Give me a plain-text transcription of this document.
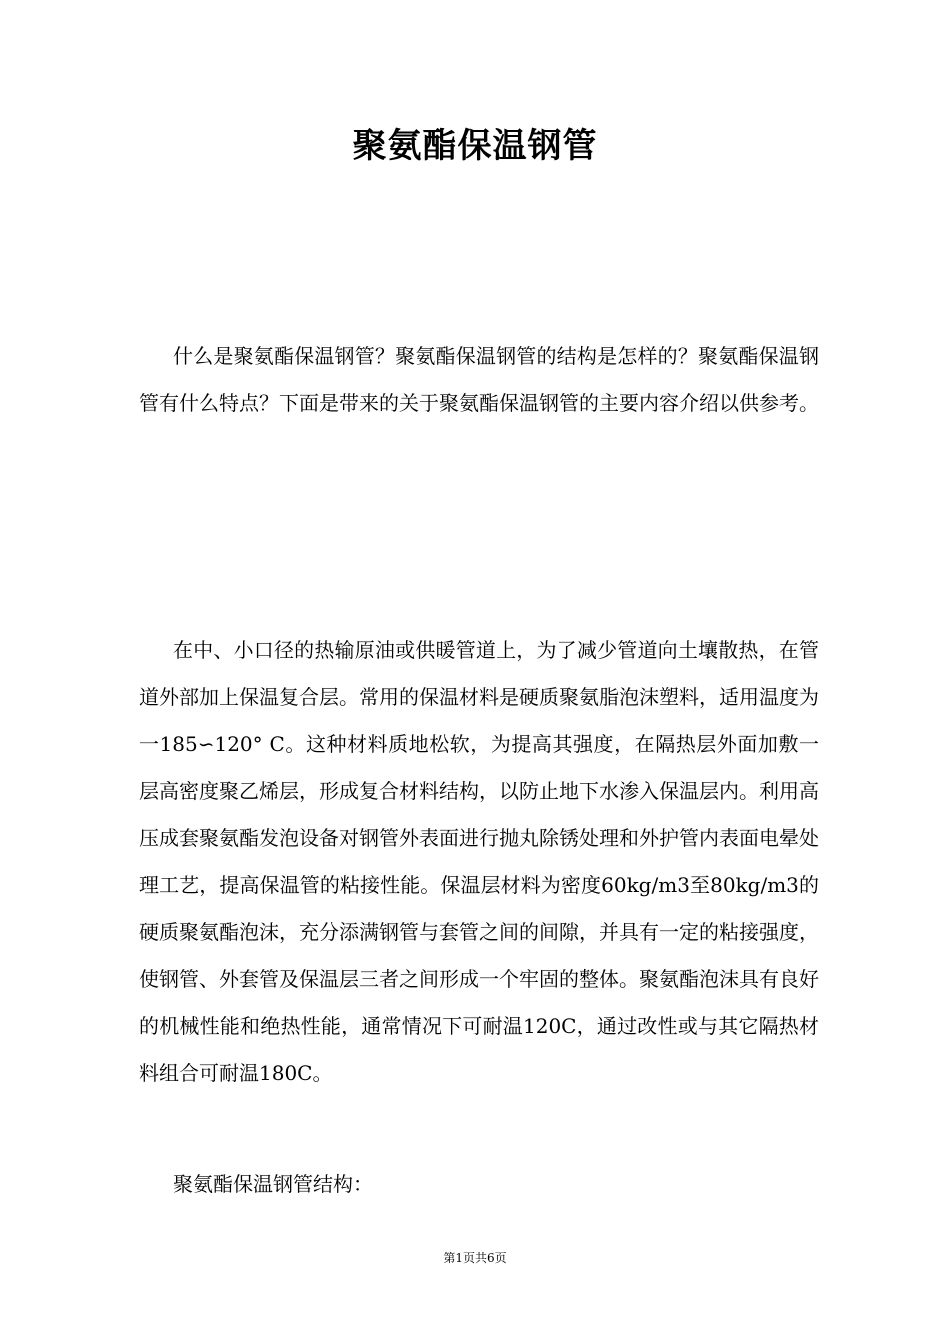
聚氨酯保温钢管

什么是聚氨酯保温钢管？聚氨酯保温钢管的结构是怎样的？聚氨酯保温钢管有什么特点？下面是带来的关于聚氨酯保温钢管的主要内容介绍以供参考。

在中、小口径的热输原油或供暖管道上，为了减少管道向土壤散热，在管道外部加上保温复合层。常用的保温材料是硬质聚氨脂泡沫塑料，适用温度为一185∽120° C。这种材料质地松软，为提高其强度，在隔热层外面加敷一层高密度聚乙烯层，形成复合材料结构，以防止地下水渗入保温层内。利用高压成套聚氨酯发泡设备对钢管外表面进行抛丸除锈处理和外护管内表面电晕处理工艺，提高保温管的粘接性能。保温层材料为密度60kg/m3至80kg/m3的硬质聚氨酯泡沫，充分添满钢管与套管之间的间隙，并具有一定的粘接强度，使钢管、外套管及保温层三者之间形成一个牢固的整体。聚氨酯泡沫具有良好的机械性能和绝热性能，通常情况下可耐温120C，通过改性或与其它隔热材料组合可耐温180C。

聚氨酯保温钢管结构：

第1页共6页
